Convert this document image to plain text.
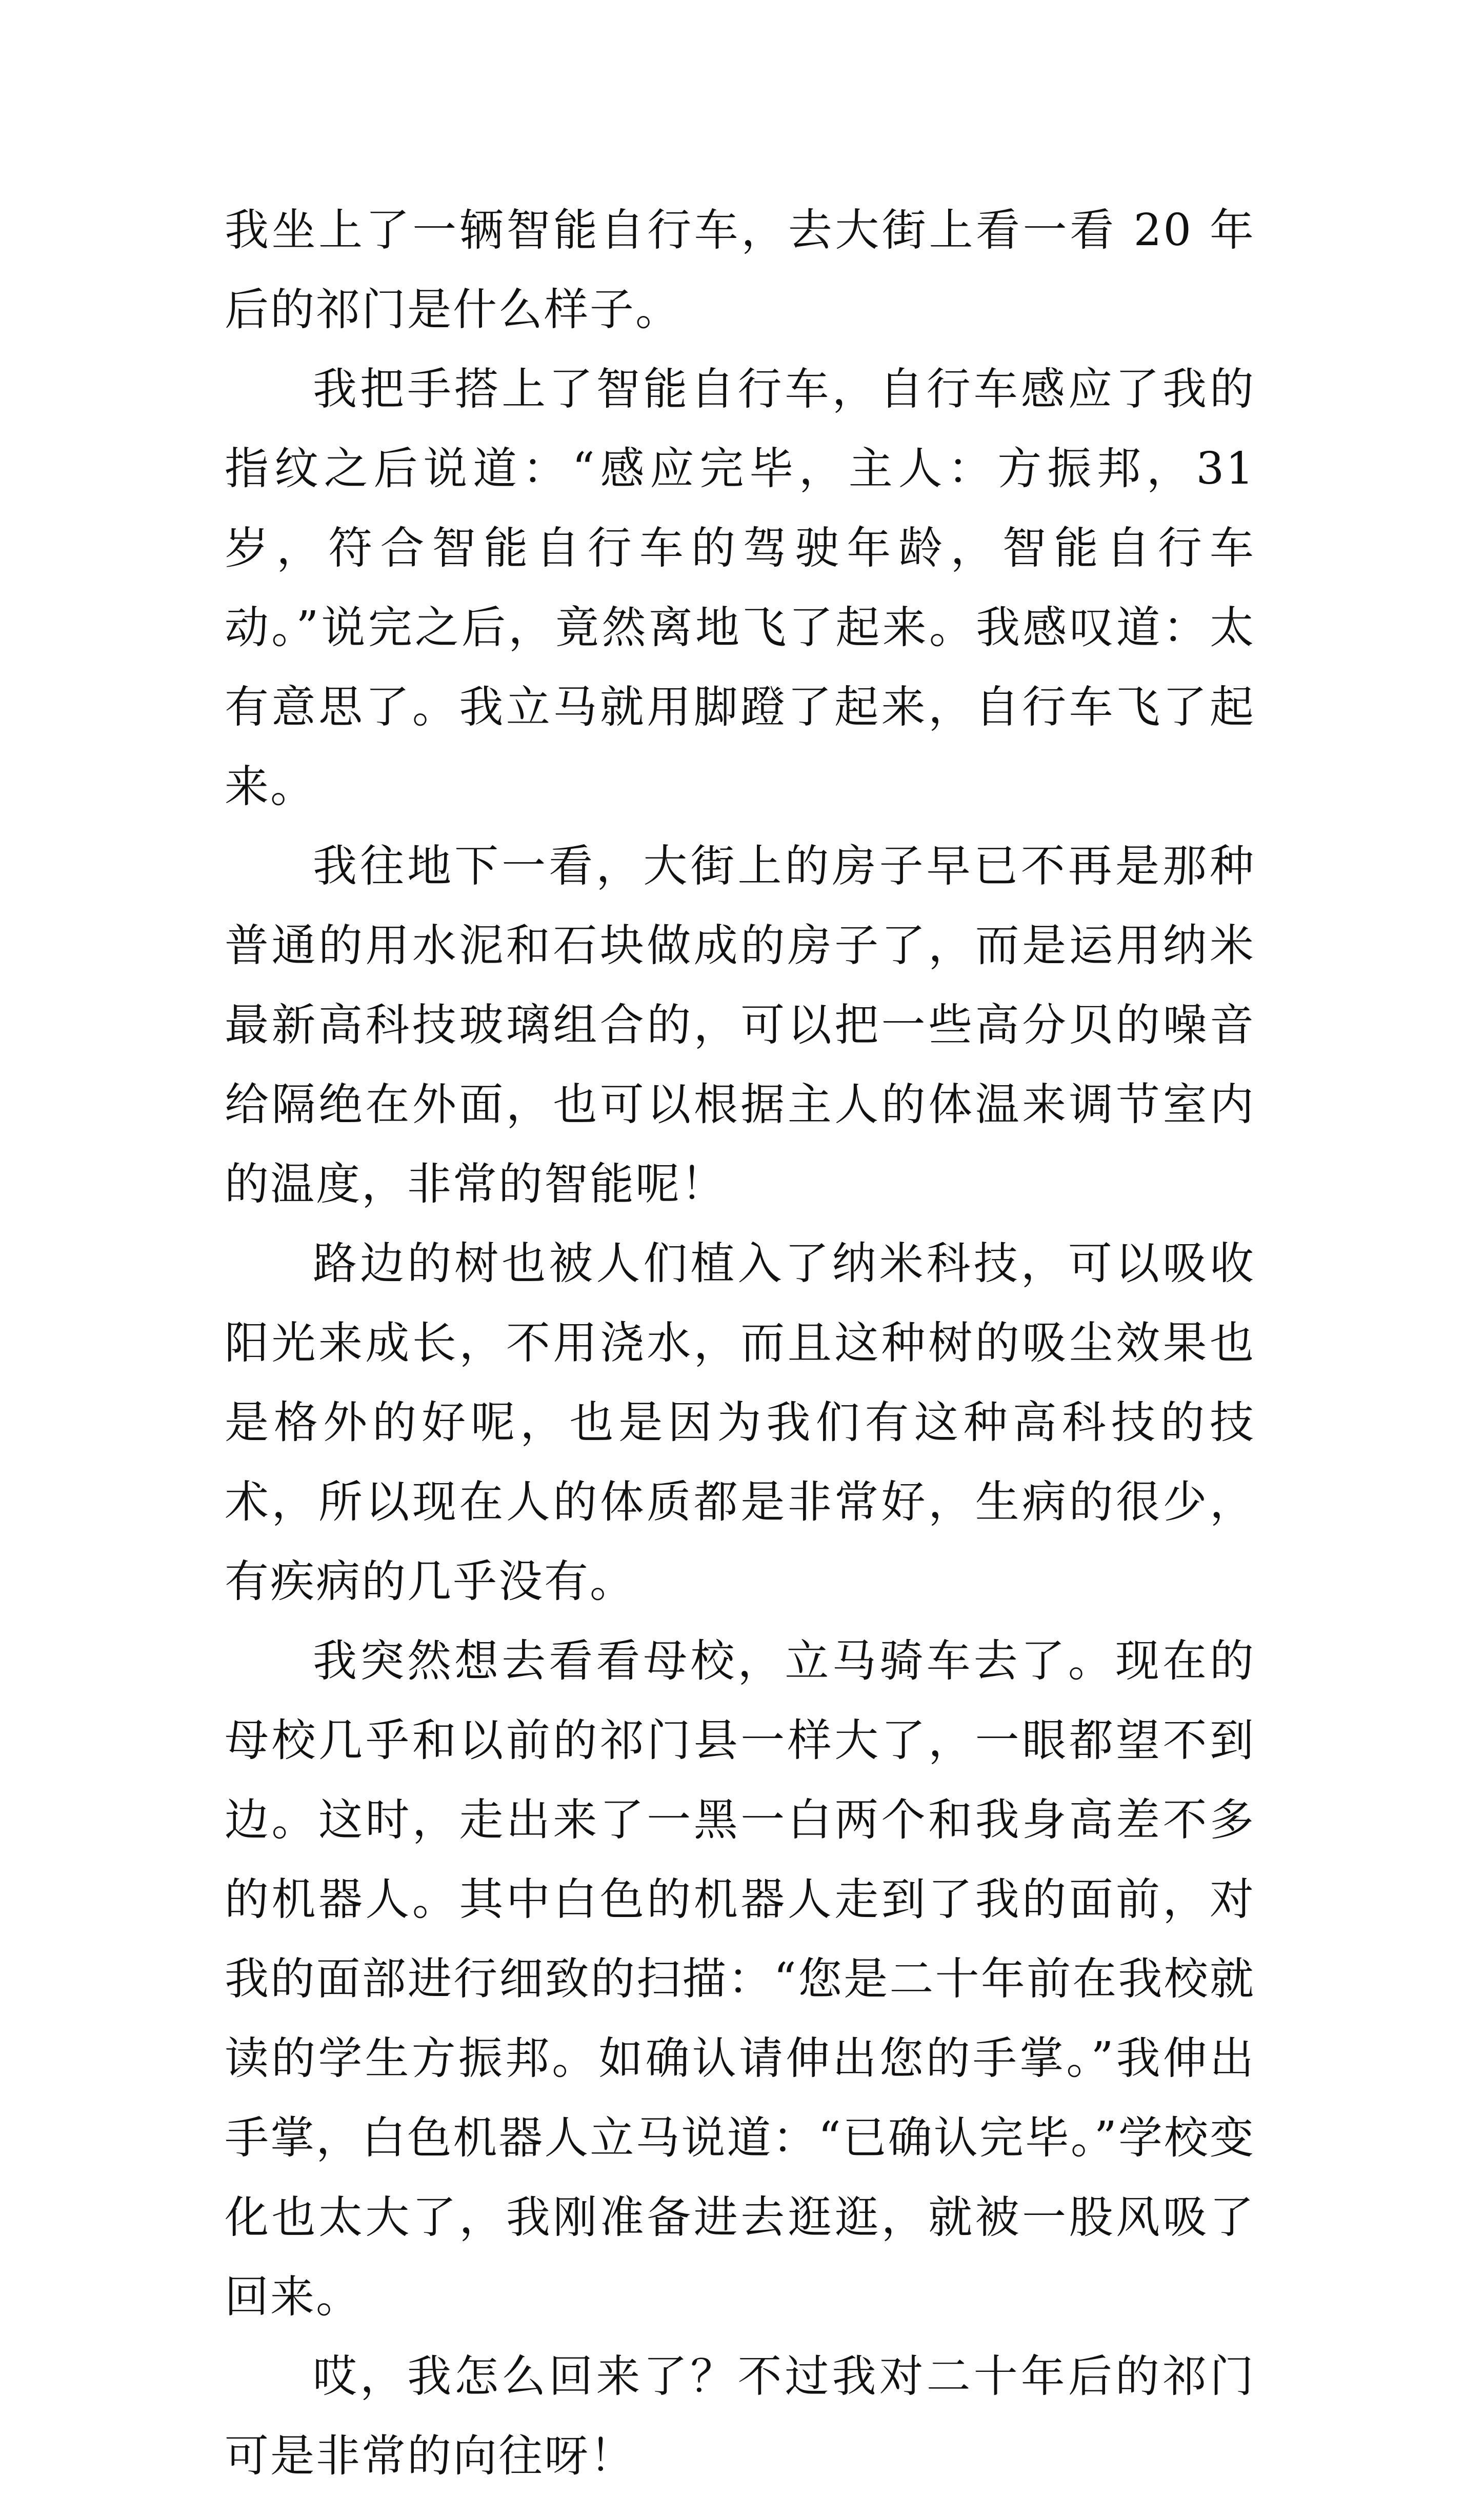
我坐上了一辆智能自行车，去大街上看一看 20 年后的祁门是什么样子。

我把手搭上了智能自行车，自行车感应了我的指纹之后说道：“感应完毕，主人：方振邦，31 岁，符合智能自行车的驾驶年龄，智能自行车动。”说完之后，竟然离地飞了起来。我感叹道：太有意思了。我立马就用脚蹬了起来，自行车飞了起来。

我往地下一看，大街上的房子早已不再是那种普通的用水泥和石块做成的房子了，而是运用纳米最新高科技玻璃组合的，可以把一些高分贝的噪音给隔绝在外面，也可以根据主人的体温来调节室内的温度，非常的智能呢！

路边的树也被人们植入了纳米科技，可以吸收阳光来成长，不用浇水，而且这种树的吸尘效果也是格外的好呢，也是因为我们有这种高科技的技术，所以现在人的体质都是非常好，生病的很少，有疾病的几乎没有。

我突然想去看看母校，立马骑车去了。现在的母校几乎和以前的祁门县一样大了，一眼都望不到边。这时，走出来了一黑一白两个和我身高差不多的机器人。其中白色的机器人走到了我的面前，对我的面部进行细致的扫描：“您是二十年前在我校就读的学生方振邦。如确认请伸出您的手掌。”我伸出手掌，白色机器人立马说道：“已确认完毕。”学校变化也太大了，我刚准备进去逛逛，就被一股风吸了回来。

哎，我怎么回来了？不过我对二十年后的祁门可是非常的向往呀！
